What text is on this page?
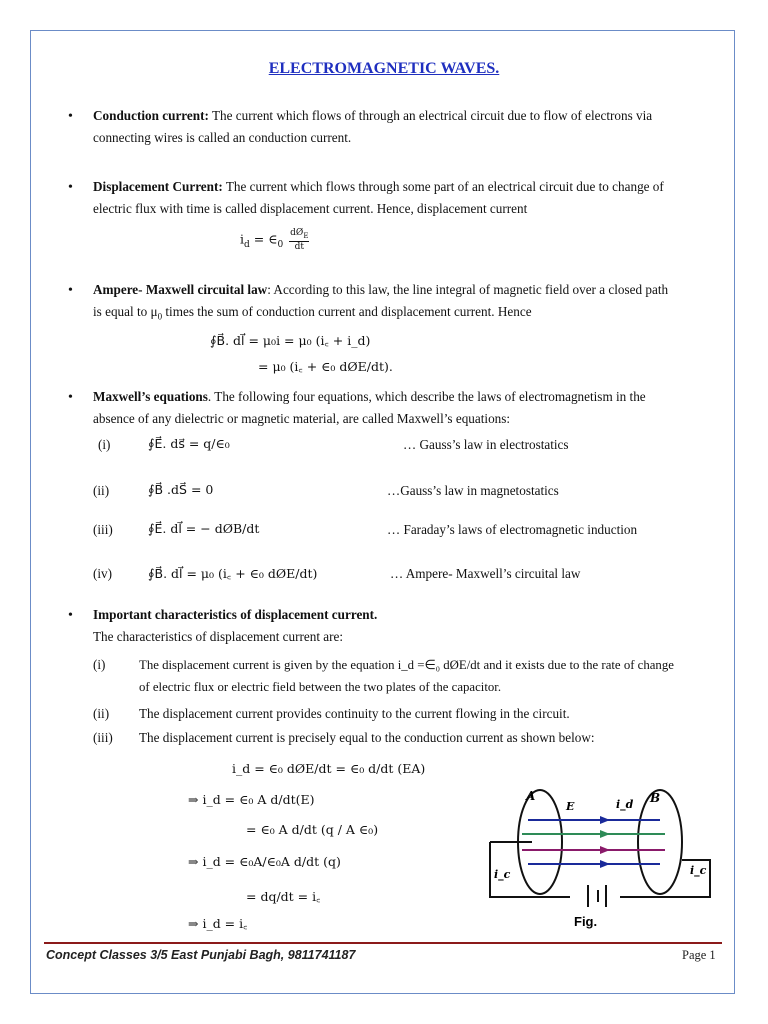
ELECTROMAGNETIC WAVES.
• Conduction current: The current which flows of through an electrical circuit due to flow of electrons via
connecting wires is called an conduction current.
• Displacement Current: The current which flows through some part of an electrical circuit due to change of
electric flux with time is called displacement current. Hence, displacement current
$i_d$ = $\in_0 \frac{dØ_E}{dt}$
• Ampere- Maxwell circuital law: According to this law, the line integral of magnetic field over a closed path
is equal to $\mu_0$ times the sum of conduction current and displacement current. Hence
∮B⃗. dl⃗ = μ₀i = μ₀ (i꜀ + i_d)
= μ₀ (i꜀ + ∈₀ dØE/dt).
• Maxwell’s equations. The following four equations, which describe the laws of electromagnetism in the
absence of any dielectric or magnetic material, are called Maxwell’s equations:
(i)	∮E⃗. ds⃗ = q/∈₀	… Gauss’s law in electrostatics
(ii)	∮B⃗ .dS⃗ = 0	…Gauss’s law in magnetostatics
(iii)	∮E⃗. dl⃗ = − dØB/dt	… Faraday’s laws of electromagnetic induction
(iv)	∮B⃗. dl⃗ = μ₀ (i꜀ + ∈₀ dØE/dt)	… Ampere- Maxwell’s circuital law
• Important characteristics of displacement current.
The characteristics of displacement current are:
(i)	The displacement current is given by the equation i_d =∈₀ dØE/dt and it exists due to the rate of change
of electric flux or electric field between the two plates of the capacitor.
(ii) The displacement current provides continuity to the current flowing in the circuit.
(iii) The displacement current is precisely equal to the conduction current as shown below:
i_d = ∈₀ dØE/dt = ∈₀ d/dt (EA)
⇒ i_d = ∈₀ A d/dt(E)
= ∈₀ A d/dt (q / A ∈₀)
⇒ i_d = ∈₀A/∈₀A d/dt (q)
= dq/dt = i꜀
⇒ i_d = i꜀
A	B
E	i_d
i_c	i_c
Fig.
Concept Classes 3/5 East Punjabi Bagh, 9811741187	Page 1
